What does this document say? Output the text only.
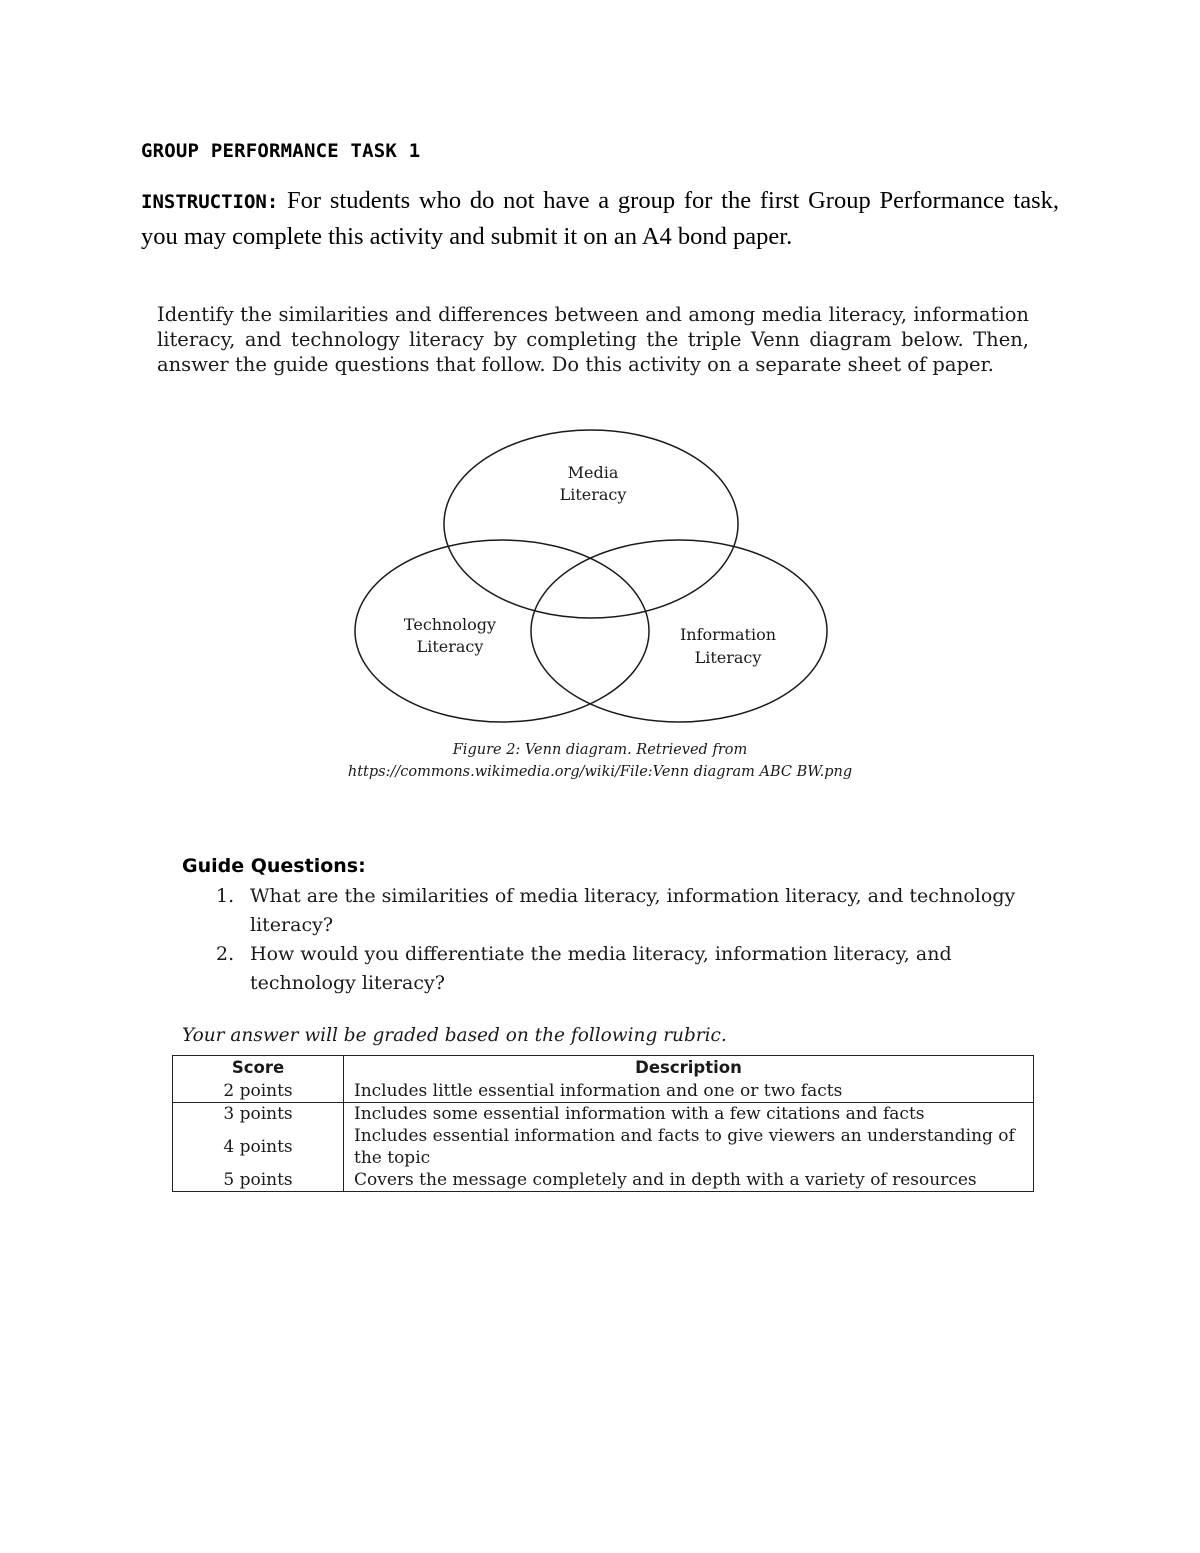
GROUP PERFORMANCE TASK 1
INSTRUCTION: For students who do not have a group for the first Group Performance task, you may complete this activity and submit it on an A4 bond paper.
Identify the similarities and differences between and among media literacy, information literacy, and technology literacy by completing the triple Venn diagram below. Then, answer the guide questions that follow. Do this activity on a separate sheet of paper.
Media
Literacy
Technology
Literacy
Information
Literacy
Figure 2: Venn diagram. Retrieved from
https://commons.wikimedia.org/wiki/File:Venn diagram ABC BW.png
Guide Questions:
1. What are the similarities of media literacy, information literacy, and technology literacy?
2. How would you differentiate the media literacy, information literacy, and technology literacy?
Your answer will be graded based on the following rubric.
Score	Description
2 points	Includes little essential information and one or two facts
3 points	Includes some essential information with a few citations and facts
4 points	Includes essential information and facts to give viewers an understanding of the topic
5 points	Covers the message completely and in depth with a variety of resources
